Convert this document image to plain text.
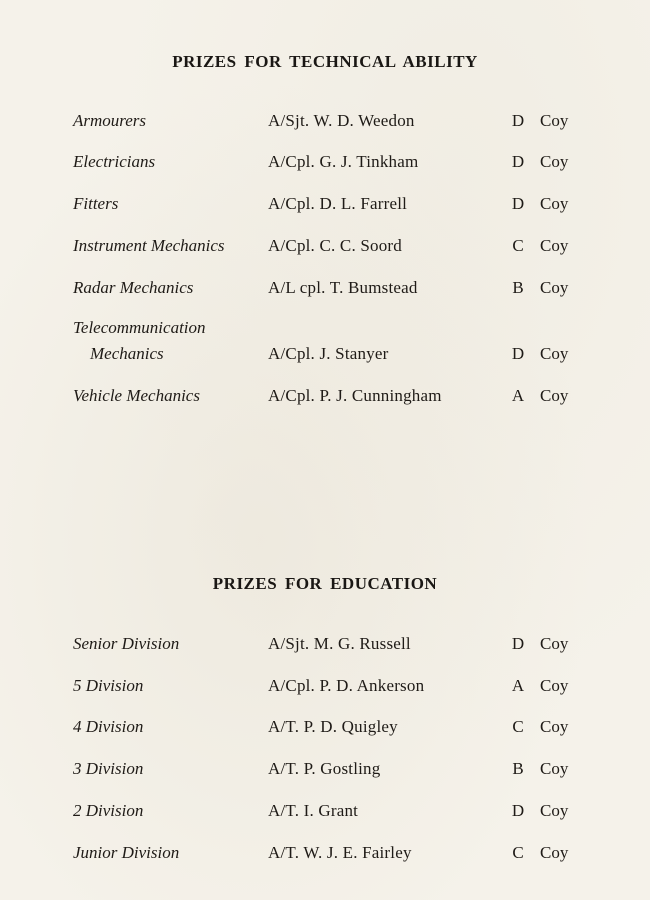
PRIZES FOR TECHNICAL ABILITY
Armourers	A/Sjt. W. D. Weedon	D Coy
Electricians	A/Cpl. G. J. Tinkham	D Coy
Fitters	A/Cpl. D. L. Farrell	D Coy
Instrument Mechanics	A/Cpl. C. C. Soord	C Coy
Radar Mechanics	A/L cpl. T. Bumstead	B Coy
Telecommunication
Mechanics	A/Cpl. J. Stanyer	D Coy
Vehicle Mechanics	A/Cpl. P. J. Cunningham	A Coy
PRIZES FOR EDUCATION
Senior Division	A/Sjt. M. G. Russell	D Coy
5 Division	A/Cpl. P. D. Ankerson	A Coy
4 Division	A/T. P. D. Quigley	C Coy
3 Division	A/T. P. Gostling	B Coy
2 Division	A/T. I. Grant	D Coy
Junior Division	A/T. W. J. E. Fairley	C Coy
